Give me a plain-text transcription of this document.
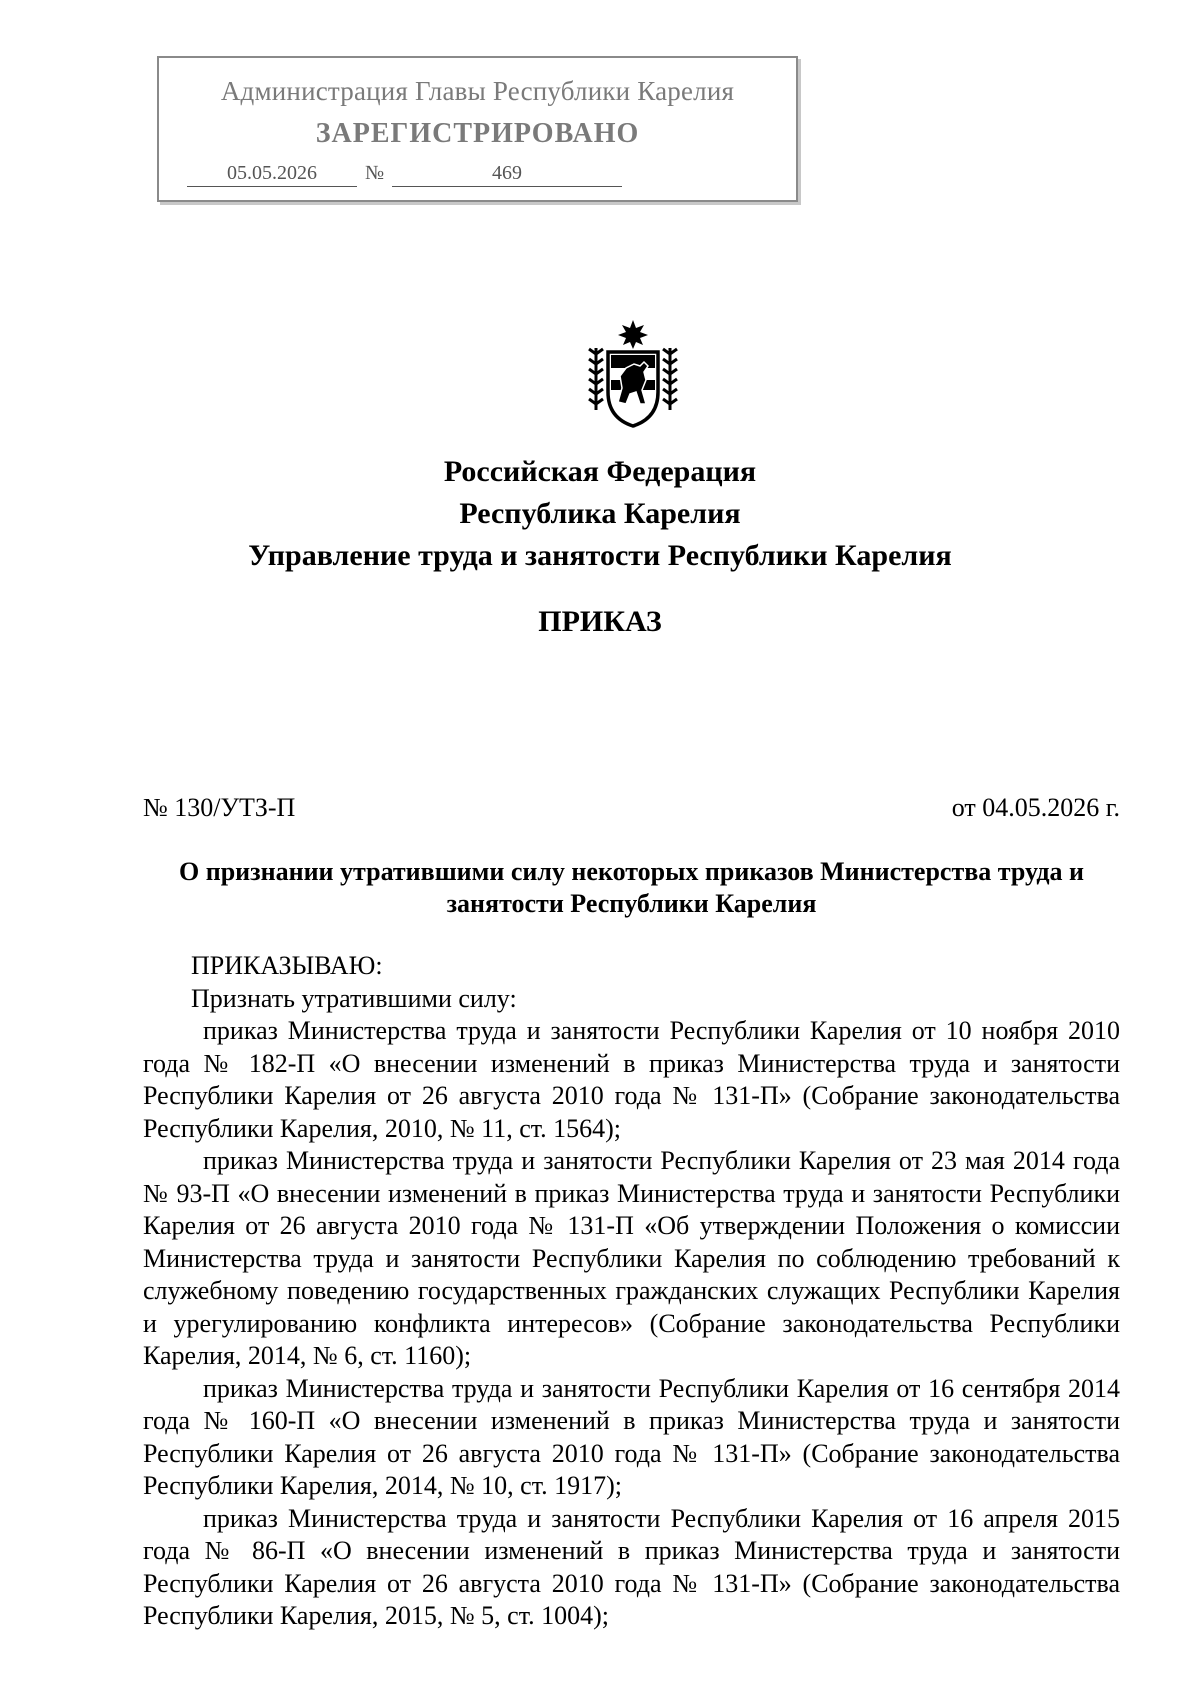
Администрация Главы Республики Карелия
ЗАРЕГИСТРИРОВАНО
05.05.2026	№	469
Российская Федерация
Республика Карелия
Управление труда и занятости Республики Карелия
ПРИКАЗ
№ 130/УТЗ-П	от 04.05.2026 г.
О признании утратившими силу некоторых приказов Министерства труда и занятости Республики Карелия

ПРИКАЗЫВАЮ:

Признать утратившими силу:

приказ Министерства труда и занятости Республики Карелия от 10 ноября 2010 года № 182-П «О внесении изменений в приказ Министерства труда и занятости Республики Карелия от 26 августа 2010 года № 131-П» (Собрание законодательства Республики Карелия, 2010, № 11, ст. 1564);

приказ Министерства труда и занятости Республики Карелия от 23 мая 2014 года № 93-П «О внесении изменений в приказ Министерства труда и занятости Республики Карелия от 26 августа 2010 года № 131-П «Об утверждении Положения о комиссии Министерства труда и занятости Республики Карелия по соблюдению требований к служебному поведению государственных гражданских служащих Республики Карелия и урегулированию конфликта интересов» (Собрание законодательства Республики Карелия, 2014, № 6, ст. 1160);

приказ Министерства труда и занятости Республики Карелия от 16 сентября 2014 года № 160-П «О внесении изменений в приказ Министерства труда и занятости Республики Карелия от 26 августа 2010 года № 131-П» (Собрание законодательства Республики Карелия, 2014, № 10, ст. 1917);

приказ Министерства труда и занятости Республики Карелия от 16 апреля 2015 года № 86-П «О внесении изменений в приказ Министерства труда и занятости Республики Карелия от 26 августа 2010 года № 131-П» (Собрание законодательства Республики Карелия, 2015, № 5, ст. 1004);
